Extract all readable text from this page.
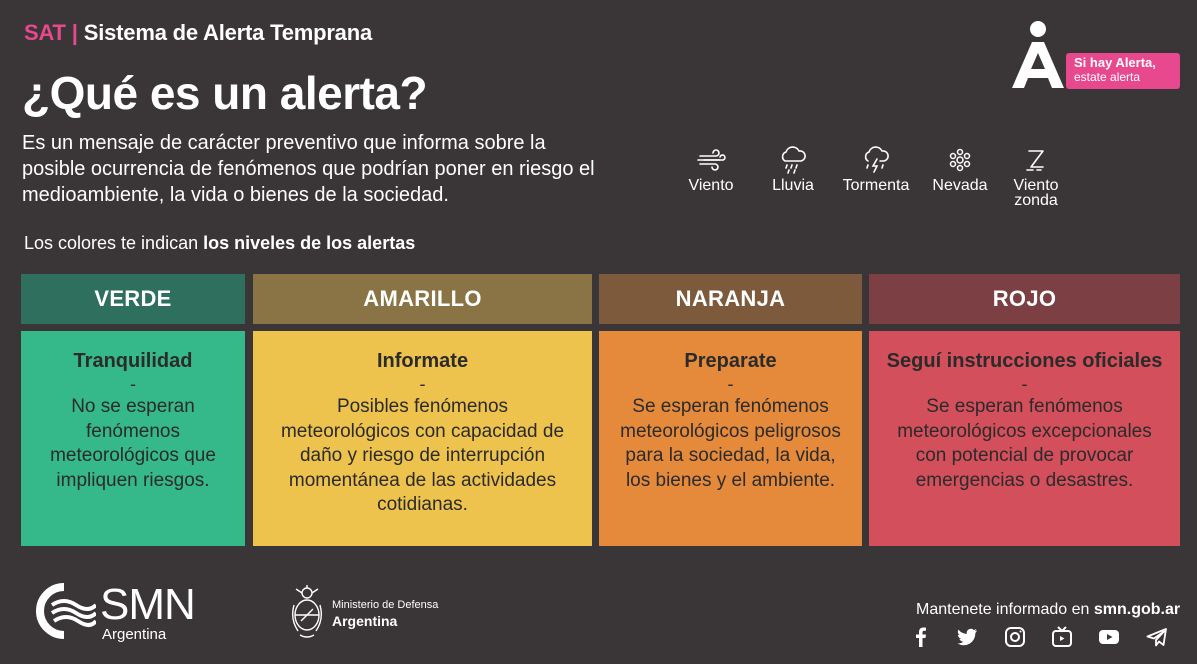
SAT | Sistema de Alerta Temprana
¿Qué es un alerta?

Es un mensaje de carácter preventivo que informa sobre la posible ocurrencia de fenómenos que podrían poner en riesgo el medioambiente, la vida o bienes de la sociedad.

Los colores te indican los niveles de los alertas
Si hay Alerta,
estate alerta
Viento	Lluvia	Tormenta Nevada	Viento
zonda
VERDE
Tranquilidad
-
No se esperan fenómenos meteorológicos que impliquen riesgos.
AMARILLO
Informate
-
Posibles fenómenos meteorológicos con capacidad de daño y riesgo de interrupción momentánea de las actividades cotidianas.
NARANJA
Preparate
-
Se esperan fenómenos meteorológicos peligrosos para la sociedad, la vida, los bienes y el ambiente.
ROJO
Seguí instrucciones oficiales
-
Se esperan fenómenos meteorológicos excepcionales con potencial de provocar emergencias o desastres.
SMN
Argentina
Ministerio de Defensa
Argentina
Mantenete informado en smn.gob.ar
